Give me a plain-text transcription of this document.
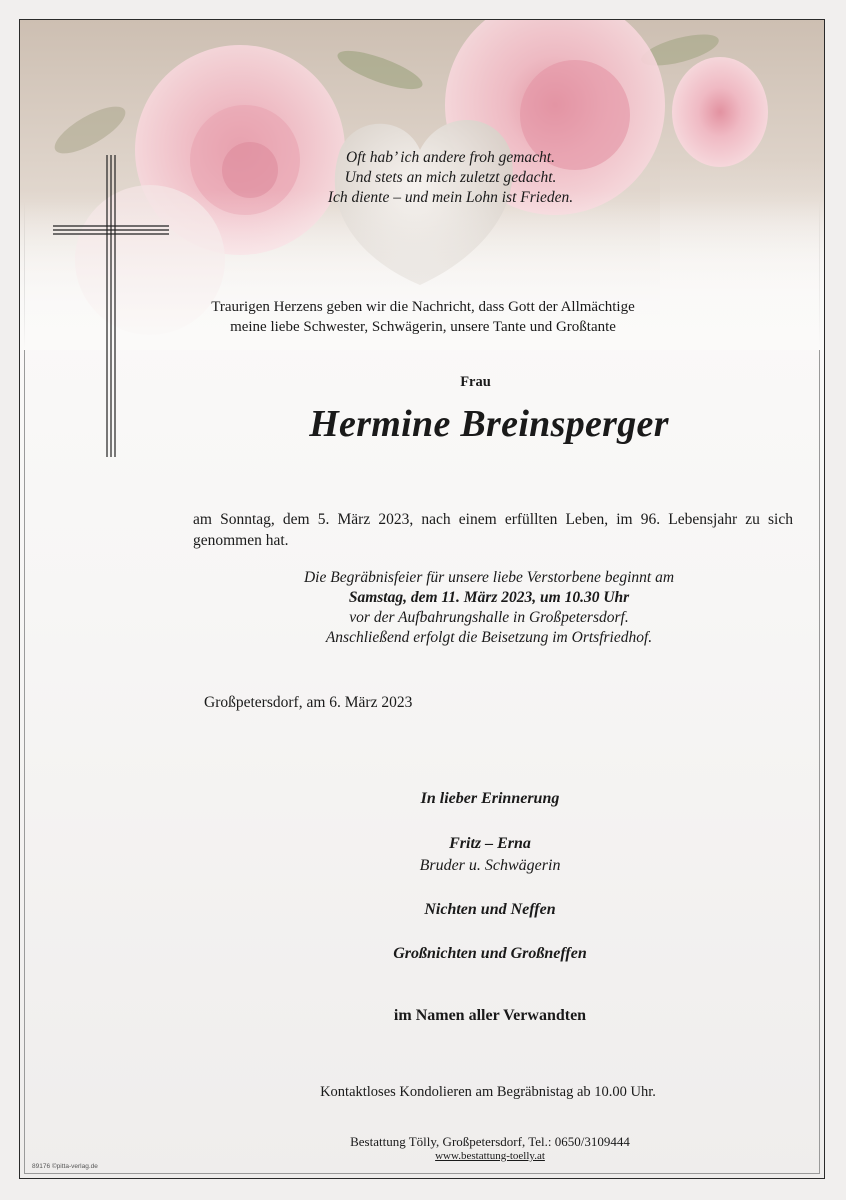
Oft hab’ ich andere froh gemacht.
Und stets an mich zuletzt gedacht.
Ich diente – und mein Lohn ist Frieden.
Traurigen Herzens geben wir die Nachricht, dass Gott der Allmächtige
meine liebe Schwester, Schwägerin, unsere Tante und Großtante
Frau
Hermine Breinsperger
am Sonntag, dem 5. März 2023, nach einem erfüllten Leben, im 96. Lebensjahr zu sich genommen hat.
Die Begräbnisfeier für unsere liebe Verstorbene beginnt am
Samstag, dem 11. März 2023, um 10.30 Uhr
vor der Aufbahrungshalle in Großpetersdorf.
Anschließend erfolgt die Beisetzung im Ortsfriedhof.
Großpetersdorf, am 6. März 2023
In lieber Erinnerung
Fritz – Erna
Bruder u. Schwägerin
Nichten und Neffen
Großnichten und Großneffen
im Namen aller Verwandten
Kontaktloses Kondolieren am Begräbnistag ab 10.00 Uhr.
Bestattung Tölly, Großpetersdorf, Tel.: 0650/3109444
www.bestattung-toelly.at
89176 ©pitta-verlag.de
